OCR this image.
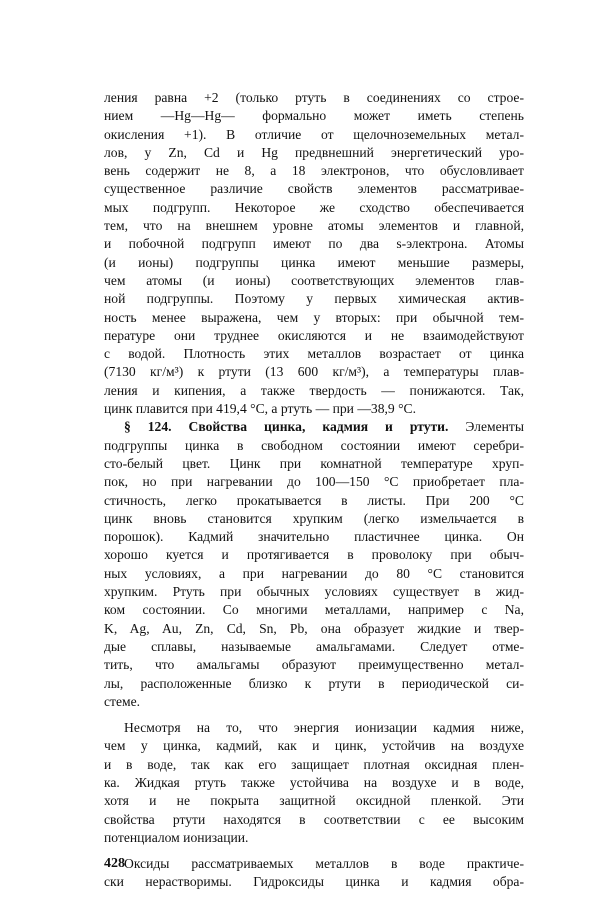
ления равна +2 (только ртуть в соединениях со строе-
нием —Hg—Hg— формально может иметь степень
окисления +1). В отличие от щелочноземельных метал-
лов, у Zn, Cd и Hg предвнешний энергетический уро-
вень содержит не 8, а 18 электронов, что обусловливает
существенное различие свойств элементов рассматривае-
мых подгрупп. Некоторое же сходство обеспечивается
тем, что на внешнем уровне атомы элементов и главной,
и побочной подгрупп имеют по два s-электрона. Атомы
(и ионы) подгруппы цинка имеют меньшие размеры,
чем атомы (и ионы) соответствующих элементов глав-
ной подгруппы. Поэтому у первых химическая актив-
ность менее выражена, чем у вторых: при обычной тем-
пературе они труднее окисляются и не взаимодействуют
с водой. Плотность этих металлов возрастает от цинка
(7130 кг/м³) к ртути (13 600 кг/м³), а температуры плав-
ления и кипения, а также твердость — понижаются. Так,
цинк плавится при 419,4 °С, а ртуть — при —38,9 °С.
§ 124. Свойства цинка, кадмия и ртути. Элементы
подгруппы цинка в свободном состоянии имеют серебри-
сто-белый цвет. Цинк при комнатной температуре хруп-
пок, но при нагревании до 100—150 °С приобретает пла-
стичность, легко прокатывается в листы. При 200 °С
цинк вновь становится хрупким (легко измельчается в
порошок). Кадмий значительно пластичнее цинка. Он
хорошо куется и протягивается в проволоку при обыч-
ных условиях, а при нагревании до 80 °С становится
хрупким. Ртуть при обычных условиях существует в жид-
ком состоянии. Со многими металлами, например с Na,
K, Ag, Au, Zn, Cd, Sn, Pb, она образует жидкие и твер-
дые сплавы, называемые амальгамами. Следует отме-
тить, что амальгамы образуют преимущественно метал-
лы, расположенные близко к ртути в периодической си-
стеме.
Несмотря на то, что энергия ионизации кадмия ниже,
чем у цинка, кадмий, как и цинк, устойчив на воздухе
и в воде, так как его защищает плотная оксидная плен-
ка. Жидкая ртуть также устойчива на воздухе и в воде,
хотя и не покрыта защитной оксидной пленкой. Эти
свойства ртути находятся в соответствии с ее высоким
потенциалом ионизации.
Оксиды рассматриваемых металлов в воде практиче-
ски нерастворимы. Гидроксиды цинка и кадмия обра-
428
